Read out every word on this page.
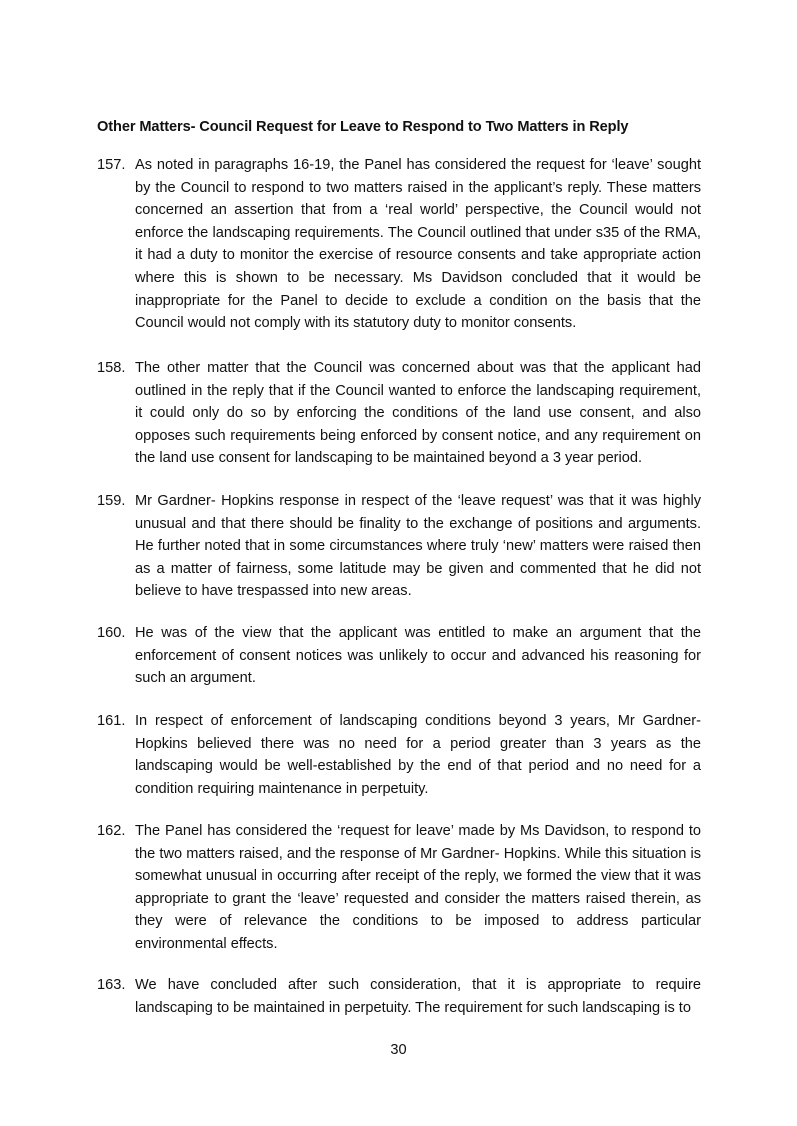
Other Matters- Council Request for Leave to Respond to Two Matters in Reply
157. As noted in paragraphs 16-19, the Panel has considered the request for ‘leave’ sought by the Council to respond to two matters raised in the applicant’s reply. These matters concerned an assertion that from a ‘real world’ perspective, the Council would not enforce the landscaping requirements. The Council outlined that under s35 of the RMA, it had a duty to monitor the exercise of resource consents and take appropriate action where this is shown to be necessary. Ms Davidson concluded that it would be inappropriate for the Panel to decide to exclude a condition on the basis that the Council would not comply with its statutory duty to monitor consents.
158. The other matter that the Council was concerned about was that the applicant had outlined in the reply that if the Council wanted to enforce the landscaping requirement, it could only do so by enforcing the conditions of the land use consent, and also opposes such requirements being enforced by consent notice, and any requirement on the land use consent for landscaping to be maintained beyond a 3 year period.
159. Mr Gardner- Hopkins response in respect of the ‘leave request’ was that it was highly unusual and that there should be finality to the exchange of positions and arguments. He further noted that in some circumstances where truly ‘new’ matters were raised then as a matter of fairness, some latitude may be given and commented that he did not believe to have trespassed into new areas.
160. He was of the view that the applicant was entitled to make an argument that the enforcement of consent notices was unlikely to occur and advanced his reasoning for such an argument.
161. In respect of enforcement of landscaping conditions beyond 3 years, Mr Gardner- Hopkins believed there was no need for a period greater than 3 years as the landscaping would be well-established by the end of that period and no need for a condition requiring maintenance in perpetuity.
162. The Panel has considered the ‘request for leave’ made by Ms Davidson, to respond to the two matters raised, and the response of Mr Gardner- Hopkins. While this situation is somewhat unusual in occurring after receipt of the reply, we formed the view that it was appropriate to grant the ‘leave’ requested and consider the matters raised therein, as they were of relevance the conditions to be imposed to address particular environmental effects.
163. We have concluded after such consideration, that it is appropriate to require landscaping to be maintained in perpetuity. The requirement for such landscaping is to
30
